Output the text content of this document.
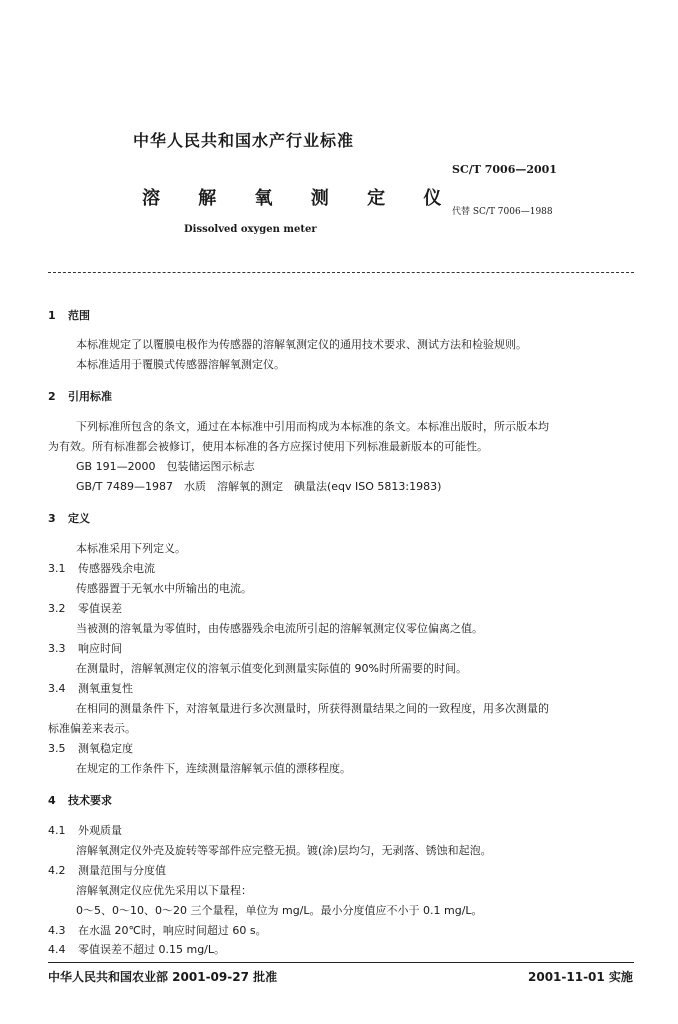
中华人民共和国水产行业标准
SC/T 7006—2001
溶 解 氧 测 定 仪
代替 SC/T 7006—1988
Dissolved oxygen meter
1 范围
本标准规定了以覆膜电极作为传感器的溶解氧测定仪的通用技术要求、测试方法和检验规则。
本标准适用于覆膜式传感器溶解氧测定仪。
2 引用标准
下列标准所包含的条文，通过在本标准中引用而构成为本标准的条文。本标准出版时，所示版本均
为有效。所有标准都会被修订，使用本标准的各方应探讨使用下列标准最新版本的可能性。
GB 191—2000　包装储运图示标志
GB/T 7489—1987　水质　溶解氧的测定　碘量法(eqv ISO 5813:1983)
3 定义
本标准采用下列定义。
3.1 传感器残余电流
传感器置于无氧水中所输出的电流。
3.2 零值误差
当被测的溶氧量为零值时，由传感器残余电流所引起的溶解氧测定仪零位偏离之值。
3.3 响应时间
在测量时，溶解氧测定仪的溶氧示值变化到测量实际值的 90%时所需要的时间。
3.4 测氧重复性
在相同的测量条件下，对溶氧量进行多次测量时，所获得测量结果之间的一致程度，用多次测量的
标准偏差来表示。
3.5 测氧稳定度
在规定的工作条件下，连续测量溶解氧示值的漂移程度。
4 技术要求
4.1 外观质量
溶解氧测定仪外壳及旋转等零部件应完整无损。镀(涂)层均匀，无剥落、锈蚀和起泡。
4.2 测量范围与分度值
溶解氧测定仪应优先采用以下量程：
0～5、0～10、0～20 三个量程，单位为 mg/L。最小分度值应不小于 0.1 mg/L。
4.3 在水温 20℃时，响应时间超过 60 s。
4.4 零值误差不超过 0.15 mg/L。
中华人民共和国农业部 2001-09-27 批准	2001-11-01 实施
